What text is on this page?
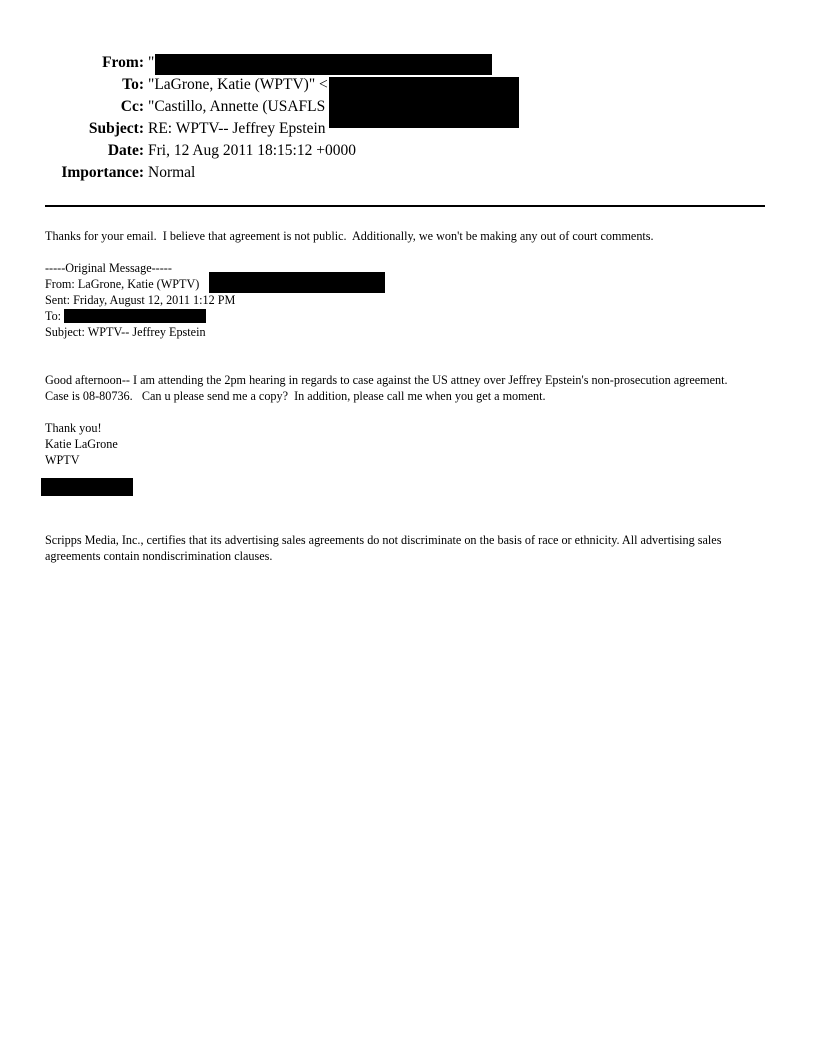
From: "
To: "LaGrone, Katie (WPTV)" <
Cc: "Castillo, Annette (USAFLS
Subject: RE: WPTV-- Jeffrey Epstein
Date: Fri, 12 Aug 2011 18:15:12 +0000
Importance: Normal
Thanks for your email.  I believe that agreement is not public.  Additionally, we won't be making any out of court comments.
-----Original Message-----
From: LaGrone, Katie (WPTV)
Sent: Friday, August 12, 2011 1:12 PM
To:
Subject: WPTV-- Jeffrey Epstein
Good afternoon-- I am attending the 2pm hearing in regards to case against the US attney over Jeffrey Epstein's non-prosecution agreement.
Case is 08-80736.   Can u please send me a copy?  In addition, please call me when you get a moment.
Thank you!
Katie LaGrone
WPTV
Scripps Media, Inc., certifies that its advertising sales agreements do not discriminate on the basis of race or ethnicity. All advertising sales agreements contain nondiscrimination clauses.
